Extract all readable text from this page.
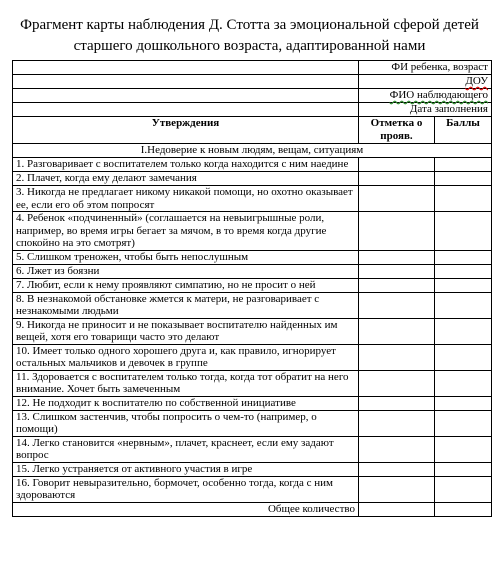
Фрагмент карты наблюдения Д. Стотта за эмоциональной сферой детей
старшего дошкольного возраста, адаптированной нами
	ФИ ребенка, возраст	
	ДОУ	
	ФИО наблюдающего	
	Дата заполнения	
Утверждения	Отметка о прояв.	Баллы
I.Недоверие к новым людям, вещам, ситуациям		
1. Разговаривает с воспитателем только когда находится с ним наедине		
2. Плачет, когда ему делают замечания		
3. Никогда не предлагает никому никакой помощи, но охотно оказывает ее, если его об этом попросят		
4. Ребенок «подчиненный» (соглашается на невыигрышные роли, например, во время игры бегает за мячом, в то время когда другие спокойно на это смотрят)		
5. Слишком треножен, чтобы быть непослушным		
6. Лжет из боязни		
7. Любит, если к нему проявляют симпатию, но не просит о ней		
8. В незнакомой обстановке жмется к матери, не разговаривает с незнакомыми людьми		
9. Никогда не приносит и не показывает воспитателю найденных им вещей, хотя его товарищи часто это делают		
10. Имеет только одного хорошего друга и, как правило, игнорирует остальных мальчиков и девочек в группе		
11. Здоровается с воспитателем только тогда, когда тот обратит на него внимание. Хочет быть замеченным		
12. Не подходит к воспитателю по собственной инициативе		
13. Слишком застенчив, чтобы попросить о чем-то (например, о помощи)		
14. Легко становится «нервным», плачет, краснеет, если ему задают вопрос		
15. Легко устраняется от активного участия в игре		
16. Говорит невыразительно, бормочет, особенно тогда, когда с ним здороваются		
Общее количество		
